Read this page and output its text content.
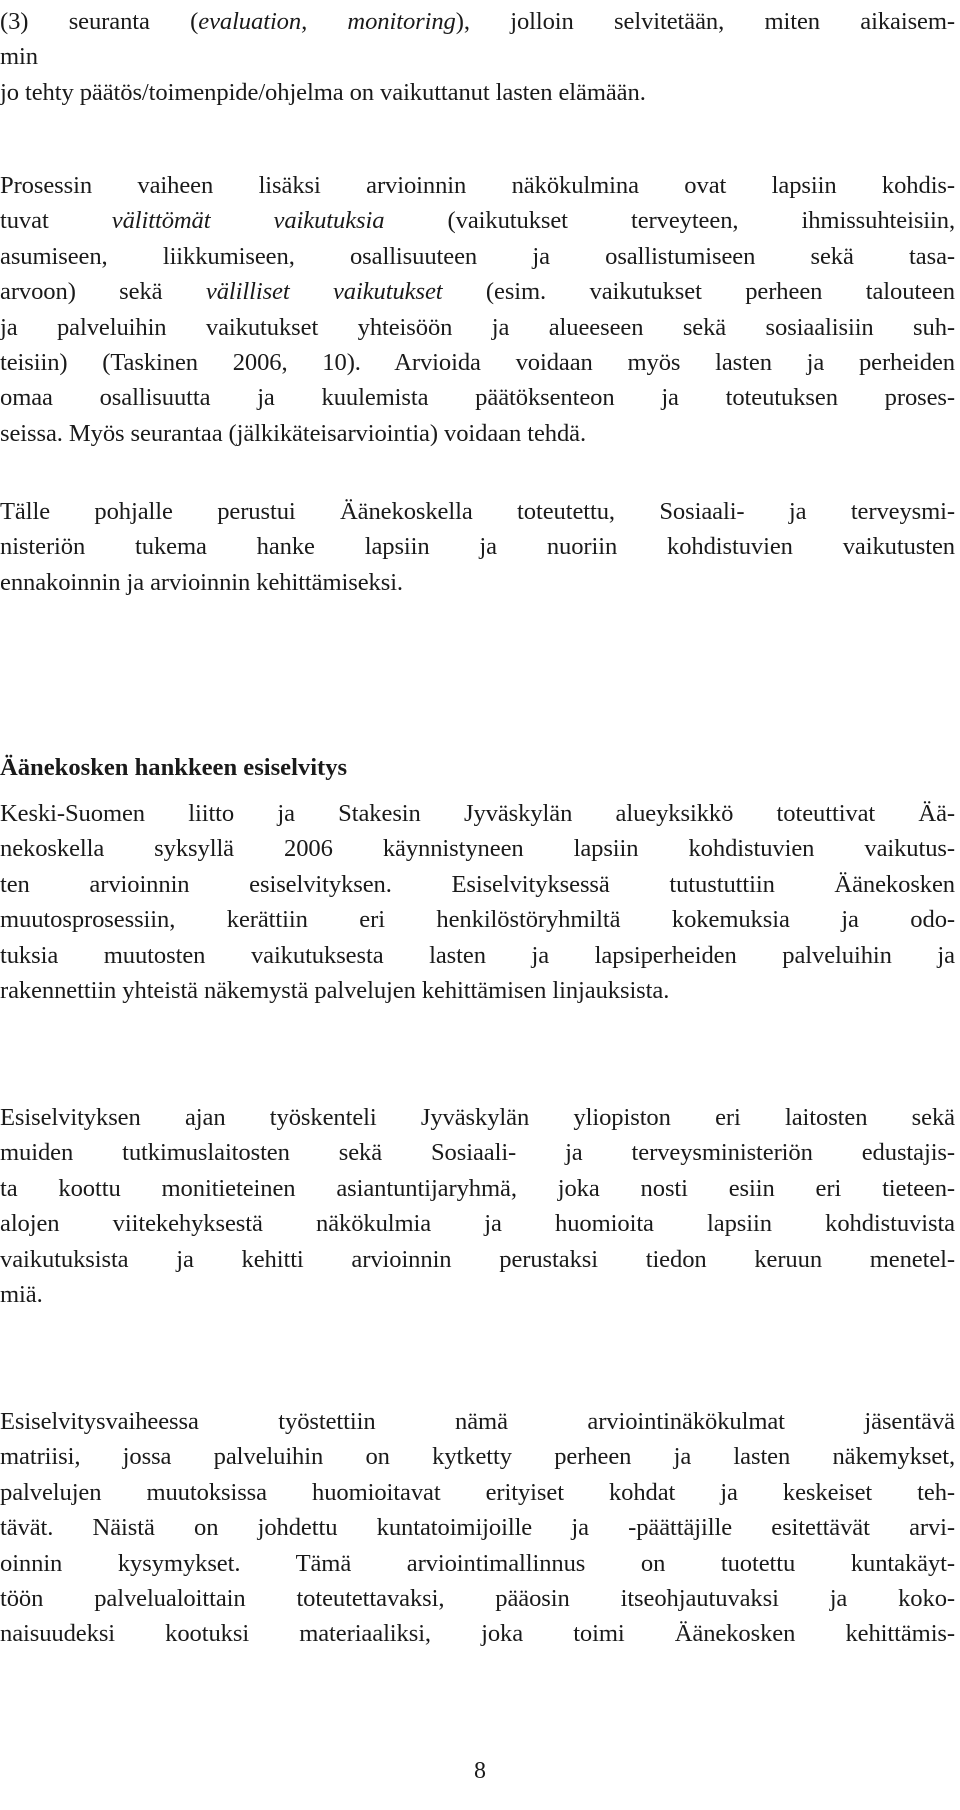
(3) seuranta (evaluation, monitoring), jolloin selvitetään, miten aikaisem-
min
jo tehty päätös/toimenpide/ohjelma on vaikuttanut lasten elämään.
Prosessin vaiheen lisäksi arvioinnin näkökulmina ovat lapsiin kohdis-
tuvat välittömät vaikutuksia (vaikutukset terveyteen, ihmissuhteisiin,
asumiseen, liikkumiseen, osallisuuteen ja osallistumiseen sekä tasa-
arvoon) sekä välilliset vaikutukset (esim. vaikutukset perheen talouteen
ja palveluihin vaikutukset yhteisöön ja alueeseen sekä sosiaalisiin suh-
teisiin) (Taskinen 2006, 10). Arvioida voidaan myös lasten ja perheiden
omaa osallisuutta ja kuulemista päätöksenteon ja toteutuksen proses-
seissa. Myös seurantaa (jälkikäteisarviointia) voidaan tehdä.
Tälle pohjalle perustui Äänekoskella toteutettu, Sosiaali- ja terveysmi-
nisteriön tukema hanke lapsiin ja nuoriin kohdistuvien vaikutusten
ennakoinnin ja arvioinnin kehittämiseksi.
Äänekosken hankkeen esiselvitys
Keski-Suomen liitto ja Stakesin Jyväskylän alueyksikkö toteuttivat Ää-
nekoskella syksyllä 2006 käynnistyneen lapsiin kohdistuvien vaikutus-
ten arvioinnin esiselvityksen. Esiselvityksessä tutustuttiin Äänekosken
muutosprosessiin, kerättiin eri henkilöstöryhmiltä kokemuksia ja odo-
tuksia muutosten vaikutuksesta lasten ja lapsiperheiden palveluihin ja
rakennettiin yhteistä näkemystä palvelujen kehittämisen linjauksista.
Esiselvityksen ajan työskenteli Jyväskylän yliopiston eri laitosten sekä
muiden tutkimuslaitosten sekä Sosiaali- ja terveysministeriön edustajis-
ta koottu monitieteinen asiantuntijaryhmä, joka nosti esiin eri tieteen-
alojen viitekehyksestä näkökulmia ja huomioita lapsiin kohdistuvista
vaikutuksista ja kehitti arvioinnin perustaksi tiedon keruun menetel-
miä.
Esiselvitysvaiheessa työstettiin nämä arviointinäkökulmat jäsentävä
matriisi, jossa palveluihin on kytketty perheen ja lasten näkemykset,
palvelujen muutoksissa huomioitavat erityiset kohdat ja keskeiset teh-
tävät. Näistä on johdettu kuntatoimijoille ja -päättäjille esitettävät arvi-
oinnin kysymykset. Tämä arviointimallinnus on tuotettu kuntakäyt-
töön palvelualoittain toteutettavaksi, pääosin itseohjautuvaksi ja koko-
naisuudeksi kootuksi materiaaliksi, joka toimi Äänekosken kehittämis-
8
